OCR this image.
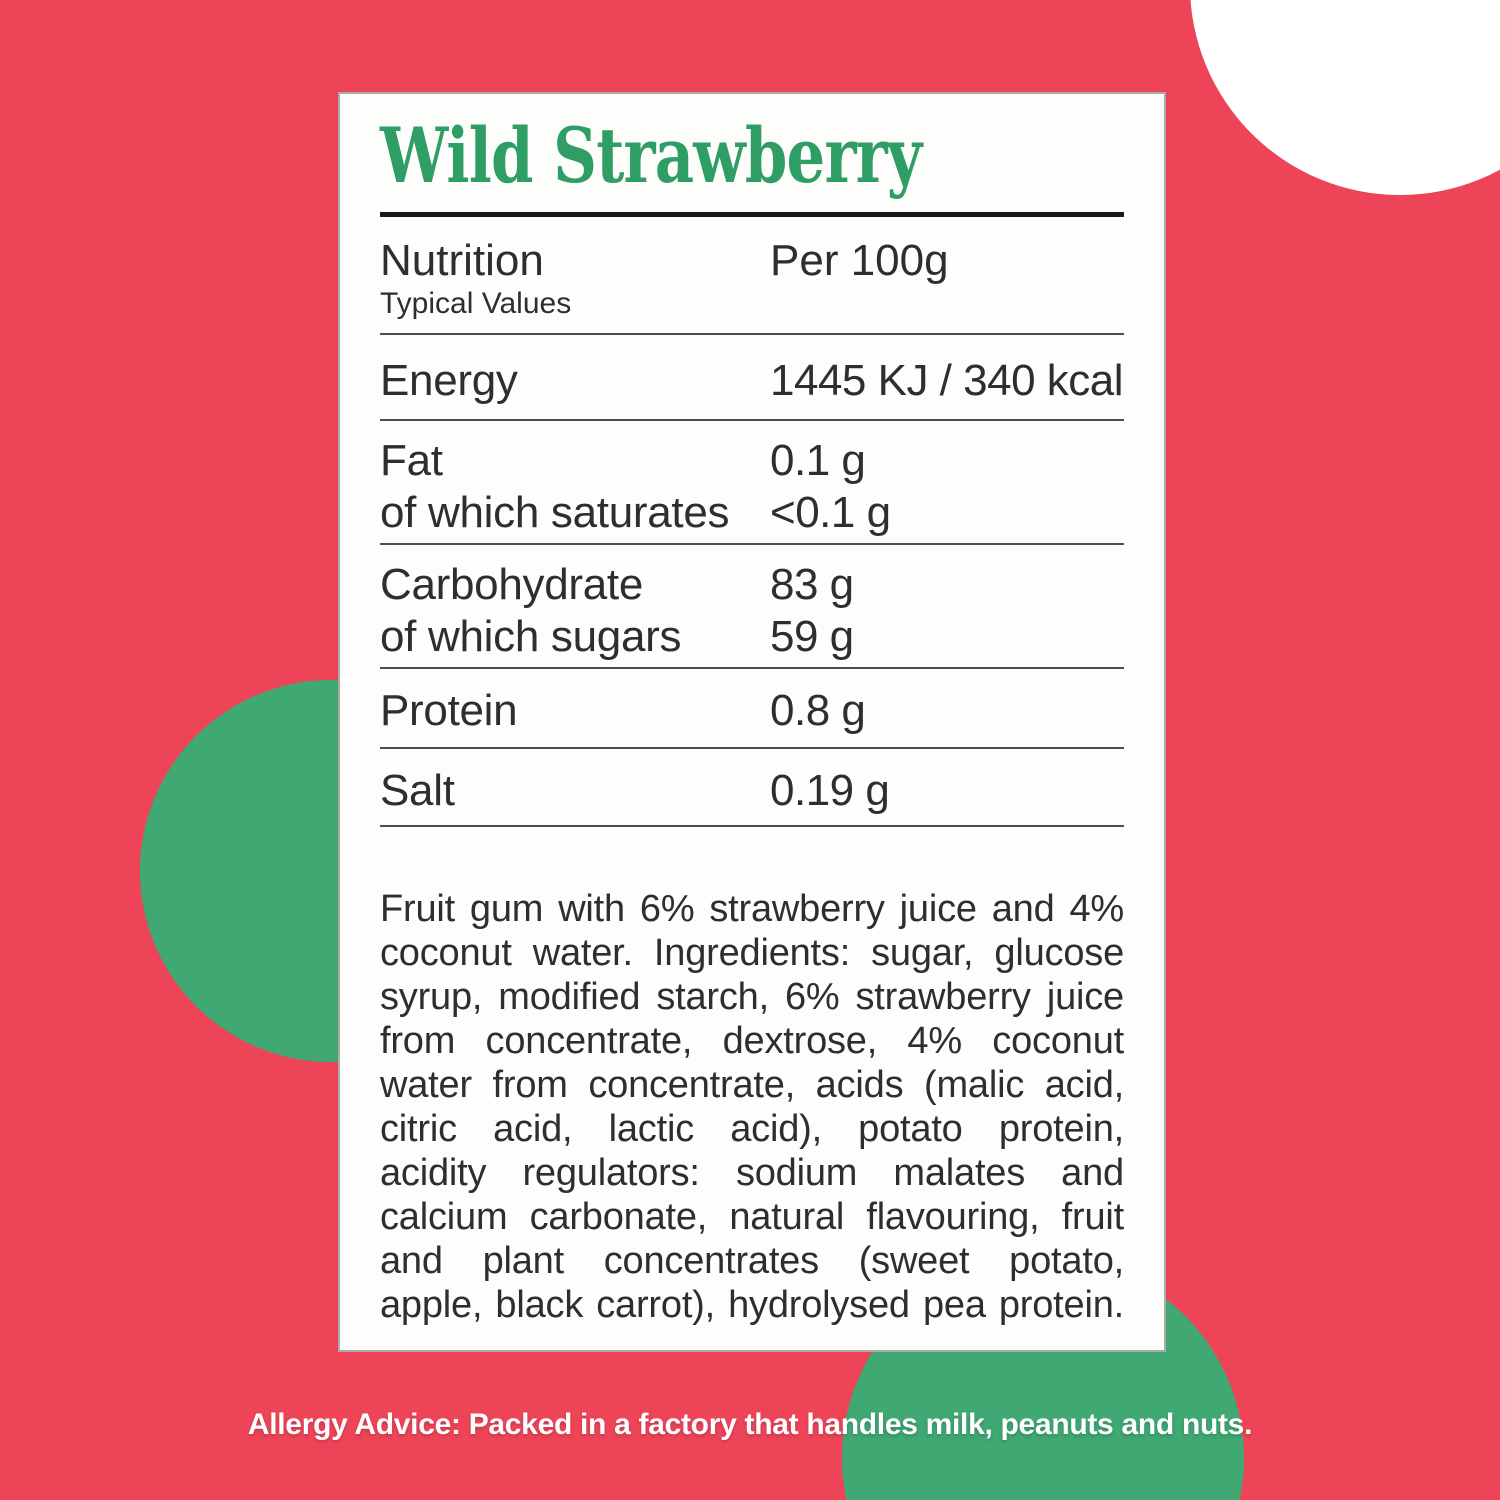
Wild Strawberry
Nutrition	Per 100g
Typical Values
Energy	1445 KJ / 340 kcal
Fat	0.1 g
of which saturates <0.1 g
Carbohydrate	83 g
of which sugars	59 g
Protein	0.8 g
Salt	0.19 g
Fruit gum with 6% strawberry juice and 4%
coconut water. Ingredients: sugar, glucose
syrup, modified starch, 6% strawberry juice
from concentrate, dextrose, 4% coconut
water from concentrate, acids (malic acid,
citric acid, lactic acid), potato protein,
acidity regulators: sodium malates and
calcium carbonate, natural flavouring, fruit
and plant concentrates (sweet potato,
apple, black carrot), hydrolysed pea protein.
Allergy Advice: Packed in a factory that handles milk, peanuts and nuts.
